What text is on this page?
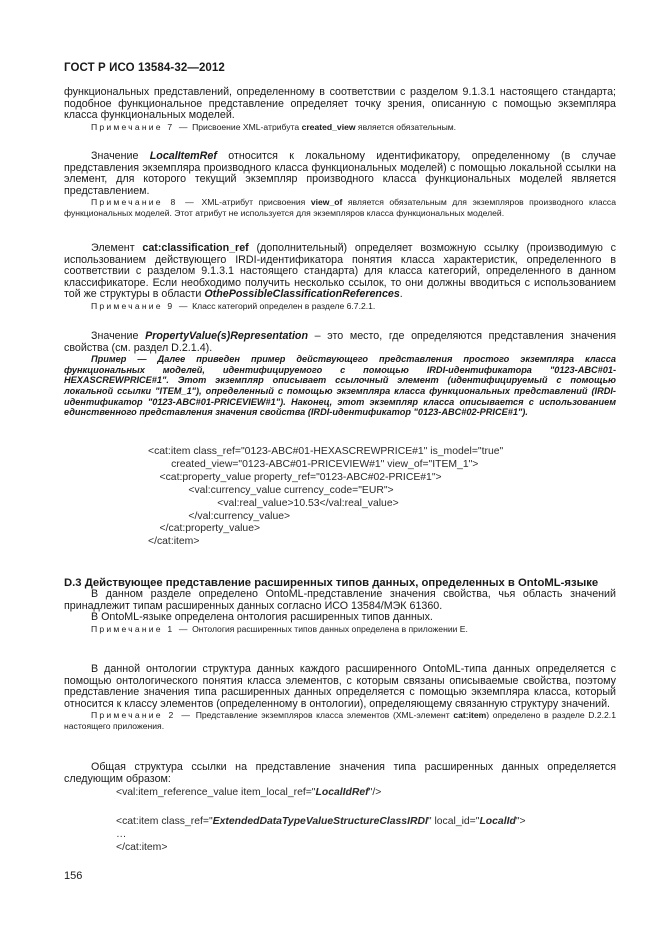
ГОСТ Р ИСО 13584-32—2012

функциональных представлений, определенному в соответствии с разделом 9.1.3.1 настоящего стандарта; подобное функциональное представление определяет точку зрения, описанную с помощью экземпляра класса функциональных моделей.

Примечание 7 — Присвоение XML-атрибута created_view является обязательным.

Значение LocalItemRef относится к локальному идентификатору, определенному (в случае представления экземпляра производного класса функциональных моделей) с помощью локальной ссылки на элемент, для которого текущий экземпляр производного класса функциональных моделей является представлением.

Примечание 8 — XML-атрибут присвоения view_of является обязательным для экземпляров производного класса функциональных моделей. Этот атрибут не используется для экземпляров класса функциональных моделей.

Элемент cat:classification_ref (дополнительный) определяет возможную ссылку (производимую с использованием действующего IRDI-идентификатора понятия класса характеристик, определенного в соответствии с разделом 9.1.3.1 настоящего стандарта) для класса категорий, определенного в данном классификаторе. Если необходимо получить несколько ссылок, то они должны вводиться с использованием той же структуры в области OthePossibleClassificationReferences.

Примечание 9 — Класс категорий определен в разделе 6.7.2.1.

Значение PropertyValue(s)Representation – это место, где определяются представления значения свойства (см. раздел D.2.1.4).

Пример — Далее приведен пример действующего представления простого экземпляра класса функциональных моделей, идентифицируемого с помощью IRDI-идентификатора "0123-ABC#01-HEXASCREWPRICE#1". Этот экземпляр описывает ссылочный элемент (идентифицируемый с помощью локальной ссылки "ITEM_1"), определенный с помощью экземпляра класса функциональных представлений (IRDI-идентификатор "0123-ABC#01-PRICEVIEW#1"). Наконец, этот экземпляр класса описывается с использованием единственного представления значения свойства (IRDI-идентификатор "0123-ABC#02-PRICE#1").

<cat:item class_ref="0123-ABC#01-HEXASCREWPRICE#1" is_model="true"
created_view="0123-ABC#01-PRICEVIEW#1" view_of="ITEM_1">
<cat:property_value property_ref="0123-ABC#02-PRICE#1">
<val:currency_value currency_code="EUR">
<val:real_value>10.53</val:real_value>
</val:currency_value>
</cat:property_value>
</cat:item>

D.3 Действующее представление расширенных типов данных, определенных в OntoML-языке

В данном разделе определено OntoML-представление значения свойства, чья область значений принадлежит типам расширенных данных согласно ИСО 13584/МЭК 61360.

В OntoML-языке определена онтология расширенных типов данных.

Примечание 1 — Онтология расширенных типов данных определена в приложении E.

В данной онтологии структура данных каждого расширенного OntoML-типа данных определяется с помощью онтологического понятия класса элементов, с которым связаны описываемые свойства, поэтому представление значения типа расширенных данных определяется с помощью экземпляра класса, который относится к классу элементов (определенному в онтологии), определяющему связанную структуру значений.

Примечание 2 — Представление экземпляров класса элементов (XML-элемент cat:item) определено в разделе D.2.2.1 настоящего приложения.

Общая структура ссылки на представление значения типа расширенных данных определяется следующим образом:

<val:item_reference_value item_local_ref="LocalIdRef"/>
<cat:item class_ref="ExtendedDataTypeValueStructureClassIRDI" local_id="LocalId">
…
</cat:item>
156
